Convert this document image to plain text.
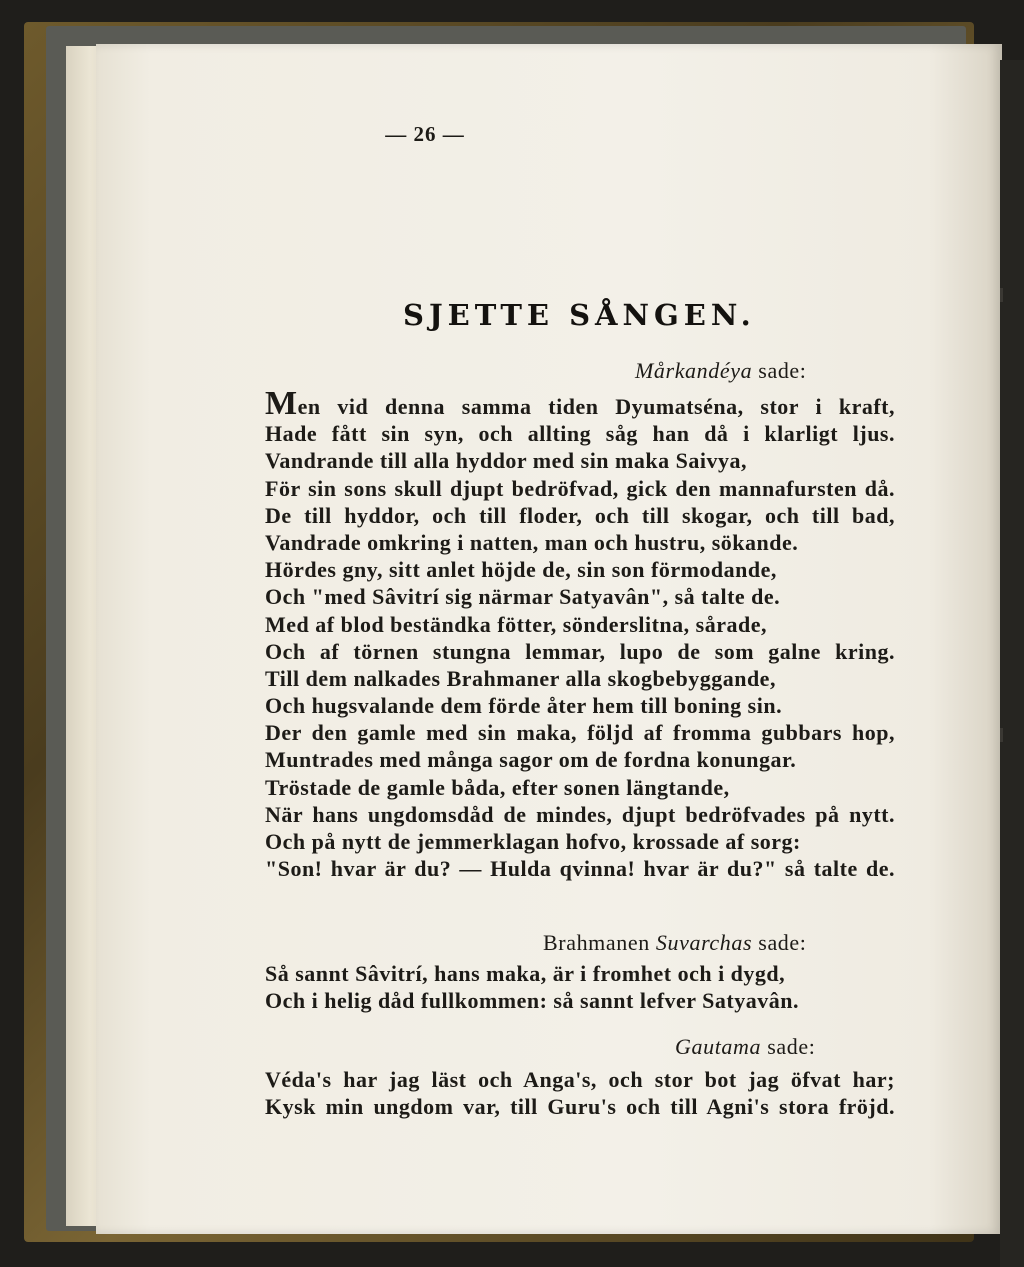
— 26 —
SJETTE SÅNGEN.
Mårkandéya sade:
Men vid denna samma tiden Dyumatséna, stor i kraft,
Hade fått sin syn, och allting såg han då i klarligt ljus.
Vandrande till alla hyddor med sin maka Saivya,
För sin sons skull djupt bedröfvad, gick den mannafursten då.
De till hyddor, och till floder, och till skogar, och till bad,
Vandrade omkring i natten, man och hustru, sökande.
Hördes gny, sitt anlet höjde de, sin son förmodande,
Och "med Sâvitrí sig närmar Satyavân", så talte de.
Med af blod beständka fötter, sönderslitna, sårade,
Och af törnen stungna lemmar, lupo de som galne kring.
Till dem nalkades Brahmaner alla skogbebyggande,
Och hugsvalande dem förde åter hem till boning sin.
Der den gamle med sin maka, följd af fromma gubbars hop,
Muntrades med många sagor om de fordna konungar.
Tröstade de gamle båda, efter sonen längtande,
När hans ungdomsdåd de mindes, djupt bedröfvades på nytt.
Och på nytt de jemmerklagan hofvo, krossade af sorg:
"Son! hvar är du? — Hulda qvinna! hvar är du?" så talte de.
Brahmanen Suvarchas sade:
Så sannt Sâvitrí, hans maka, är i fromhet och i dygd,
Och i helig dåd fullkommen: så sannt lefver Satyavân.
Gautama sade:
Véda's har jag läst och Anga's, och stor bot jag öfvat har;
Kysk min ungdom var, till Guru's och till Agni's stora fröjd.
